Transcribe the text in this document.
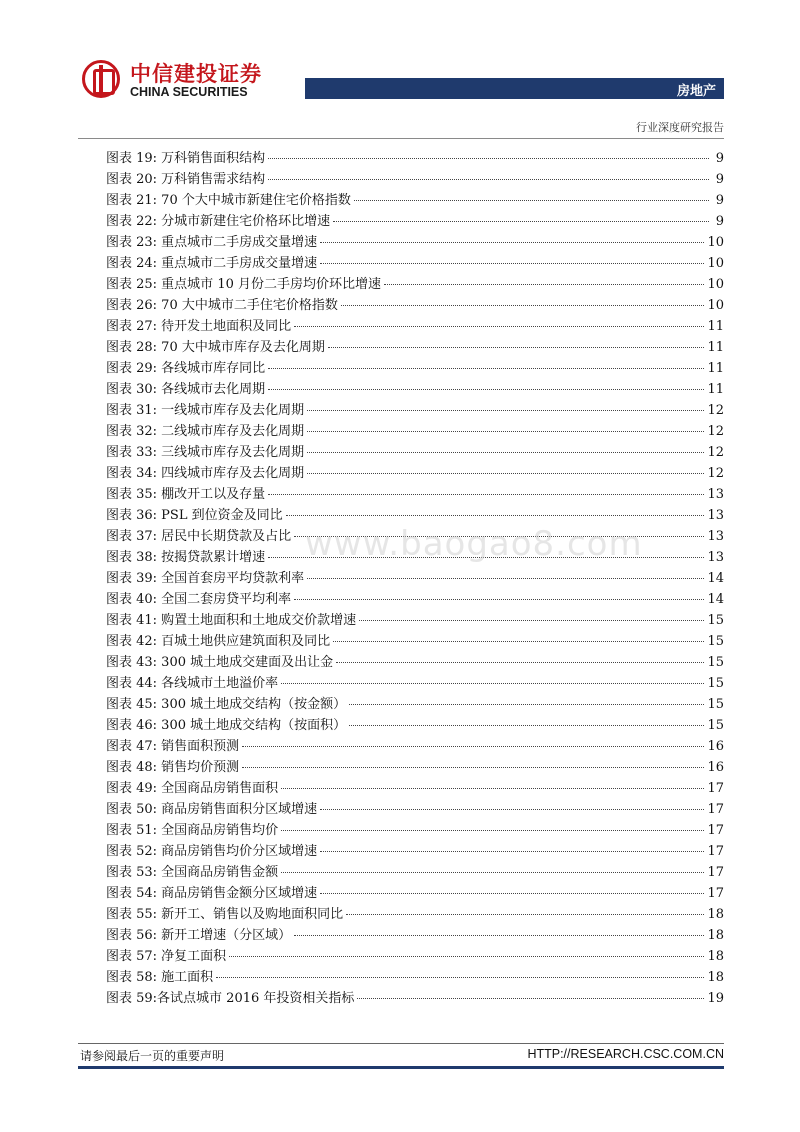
中信建投证券
CHINA SECURITIES	房地产
行业深度研究报告
图表 19: 万科销售面积结构	9
图表 20: 万科销售需求结构	9
图表 21: 70 个大中城市新建住宅价格指数	9
图表 22: 分城市新建住宅价格环比增速	9
图表 23: 重点城市二手房成交量增速	10
图表 24: 重点城市二手房成交量增速	10
图表 25: 重点城市 10 月份二手房均价环比增速	10
图表 26: 70 大中城市二手住宅价格指数	10
图表 27: 待开发土地面积及同比	11
图表 28: 70 大中城市库存及去化周期	11
图表 29: 各线城市库存同比	11
图表 30: 各线城市去化周期	11
图表 31: 一线城市库存及去化周期	12
图表 32: 二线城市库存及去化周期	12
图表 33: 三线城市库存及去化周期	12
图表 34: 四线城市库存及去化周期	12
图表 35: 棚改开工以及存量	13
图表 36: PSL 到位资金及同比	13
图表 37: 居民中长期贷款及占比	13
图表 38: 按揭贷款累计增速	13
图表 39: 全国首套房平均贷款利率	14
图表 40: 全国二套房贷平均利率	14
图表 41: 购置土地面积和土地成交价款增速	15
图表 42: 百城土地供应建筑面积及同比	15
图表 43: 300 城土地成交建面及出让金	15
图表 44: 各线城市土地溢价率	15
图表 45: 300 城土地成交结构（按金额）	15
图表 46: 300 城土地成交结构（按面积）	15
图表 47: 销售面积预测	16
图表 48: 销售均价预测	16
图表 49: 全国商品房销售面积	17
图表 50: 商品房销售面积分区域增速	17
图表 51: 全国商品房销售均价	17
图表 52: 商品房销售均价分区域增速	17
图表 53: 全国商品房销售金额	17
图表 54: 商品房销售金额分区域增速	17
图表 55: 新开工、销售以及购地面积同比	18
图表 56: 新开工增速（分区域）	18
图表 57: 净复工面积	18
图表 58: 施工面积	18
图表 59:各试点城市 2016 年投资相关指标	19
www.baogao8.com
请参阅最后一页的重要声明	HTTP://RESEARCH.CSC.COM.CN
